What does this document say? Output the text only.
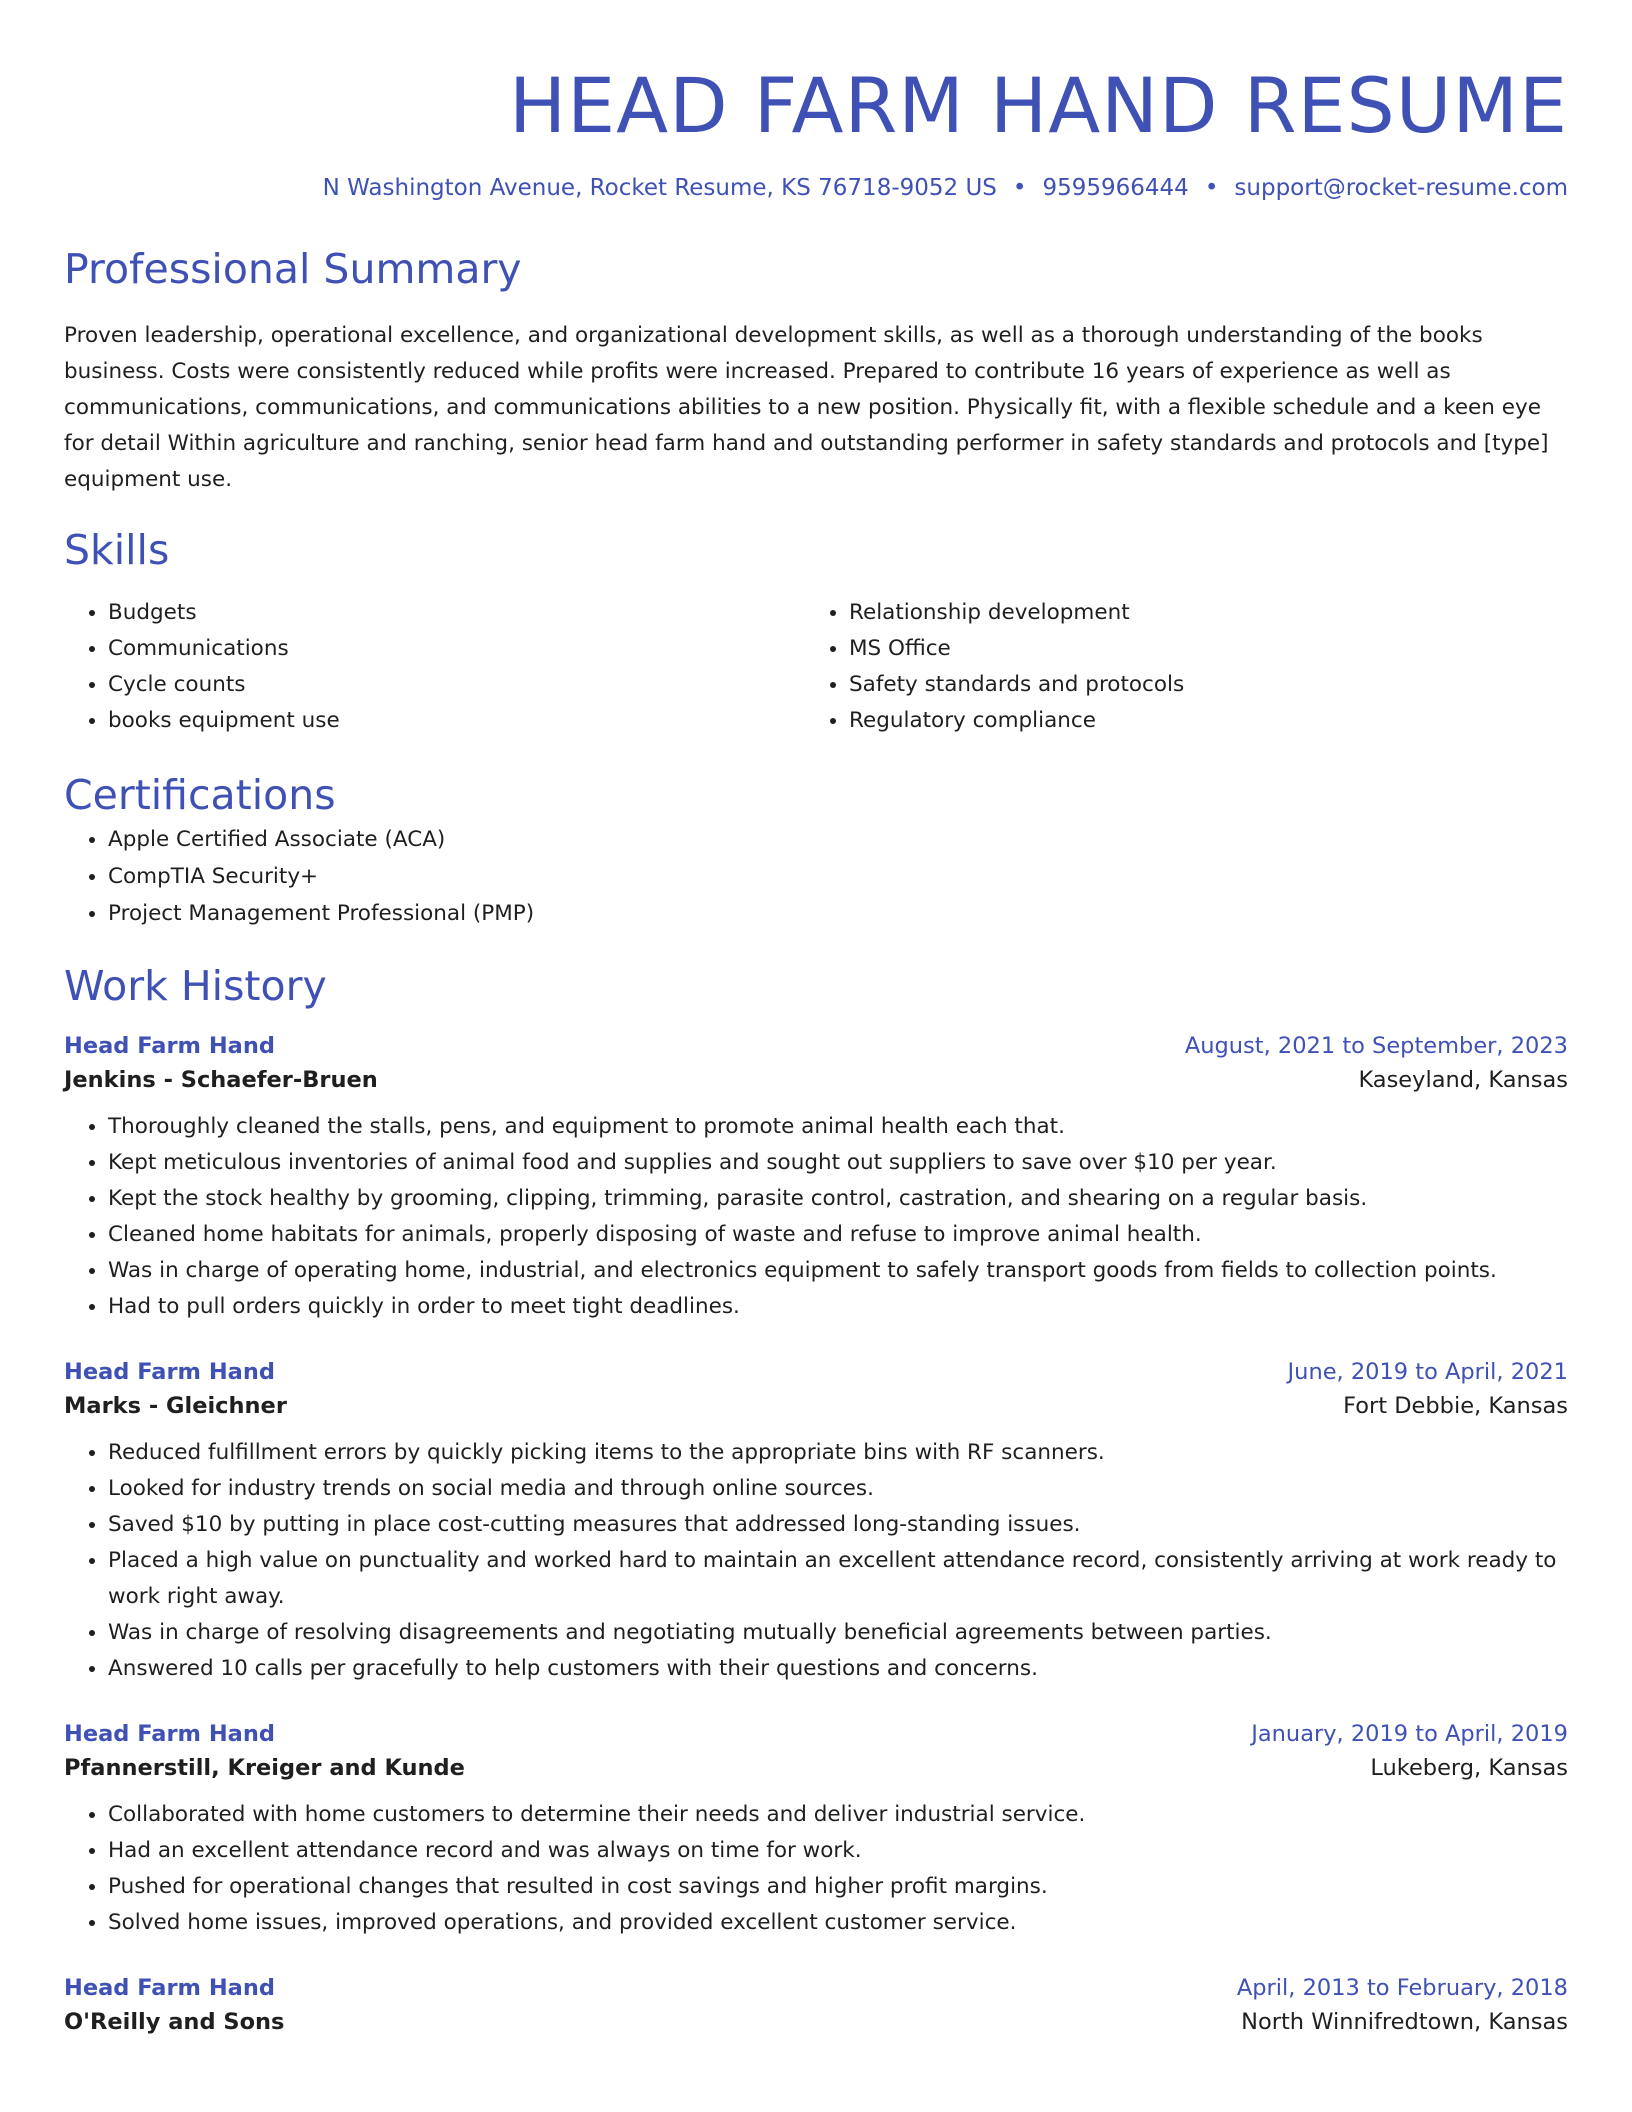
HEAD FARM HAND RESUME
N Washington Avenue, Rocket Resume, KS 76718-9052 US • 9595966444 • support@rocket-resume.com
Professional Summary

Proven leadership, operational excellence, and organizational development skills, as well as a thorough understanding of the books business. Costs were consistently reduced while profits were increased. Prepared to contribute 16 years of experience as well as communications, communications, and communications abilities to a new position. Physically fit, with a flexible schedule and a keen eye for detail Within agriculture and ranching, senior head farm hand and outstanding performer in safety standards and protocols and [type] equipment use.

Skills
• Budgets
• Communications
• Cycle counts
• books equipment use
• Relationship development
• MS Office
• Safety standards and protocols
• Regulatory compliance
Certifications
• Apple Certified Associate (ACA)
• CompTIA Security+
• Project Management Professional (PMP)
Work History
Head Farm Hand	August, 2021 to September, 2023
Jenkins - Schaefer-Bruen	Kaseyland, Kansas
• Thoroughly cleaned the stalls, pens, and equipment to promote animal health each that.
• Kept meticulous inventories of animal food and supplies and sought out suppliers to save over $10 per year.
• Kept the stock healthy by grooming, clipping, trimming, parasite control, castration, and shearing on a regular basis.
• Cleaned home habitats for animals, properly disposing of waste and refuse to improve animal health.
• Was in charge of operating home, industrial, and electronics equipment to safely transport goods from fields to collection points.
• Had to pull orders quickly in order to meet tight deadlines.
Head Farm Hand	June, 2019 to April, 2021
Marks - Gleichner	Fort Debbie, Kansas
• Reduced fulfillment errors by quickly picking items to the appropriate bins with RF scanners.
• Looked for industry trends on social media and through online sources.
• Saved $10 by putting in place cost-cutting measures that addressed long-standing issues.
• Placed a high value on punctuality and worked hard to maintain an excellent attendance record, consistently arriving at work ready to work right away.
• Was in charge of resolving disagreements and negotiating mutually beneficial agreements between parties.
• Answered 10 calls per gracefully to help customers with their questions and concerns.
Head Farm Hand	January, 2019 to April, 2019
Pfannerstill, Kreiger and Kunde	Lukeberg, Kansas
• Collaborated with home customers to determine their needs and deliver industrial service.
• Had an excellent attendance record and was always on time for work.
• Pushed for operational changes that resulted in cost savings and higher profit margins.
• Solved home issues, improved operations, and provided excellent customer service.
Head Farm Hand	April, 2013 to February, 2018
O'Reilly and Sons	North Winnifredtown, Kansas
